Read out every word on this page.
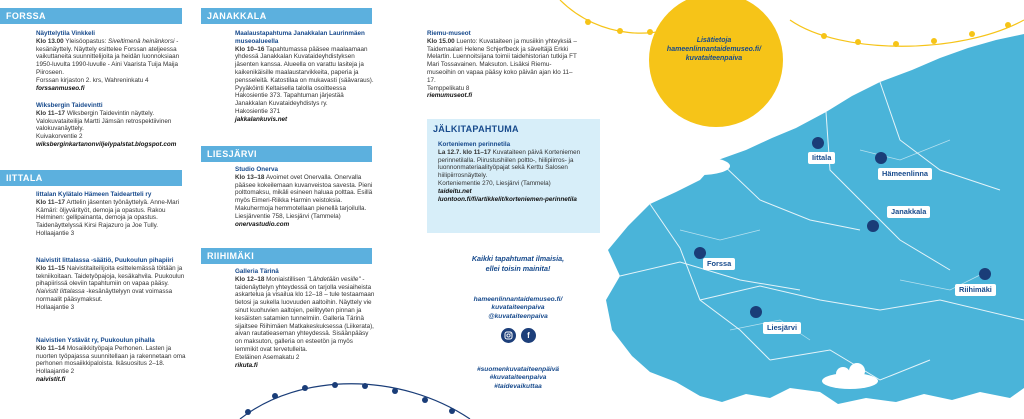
Lisätietoja
hameenlinnantaidemuseo.fi/
kuvataiteenpaiva
Iittala
Hämeenlinna
Janakkala
Forssa
Riihimäki
Liesjärvi
FORSSA
Näyttelytila Vinkkeli
Klo 13.00 Yleisöopastus: Siveltimenä heinänkorsi -kesänäyttely. Näyttely esittelee Forssan ateljeessa vaikuttaneita suunnittelijoita ja heidän luonnoksiaan 1950-luvulta 1990-luvulle - Aini Vaarista Tuija Maija Piiroseen.
Forssan kirjaston 2. krs, Wahreninkatu 4
forssanmuseo.fi
Wiksbergin Taidevintti
Klo 11–17 Wiksbergin Taidevintin näyttely. Valokuvataiteilija Martti Jämsän retrospektiivinen valokuvanäyttely.
Kuivakorventie 2
wiksberginkartanonviljelypalstat.blogspot.com
IITTALA
Iittalan Kylätalo Hämeen Taideartteli ry
Klo 11–17 Arttelin jäsenten työnäyttelyä. Anne-Mari Kämäri: öljyvärityöt, demoja ja opastus. Rakou Helminen: gellipainanta, demoja ja opastus. Taidenäyttelyssä Kirsi Rajazuro ja Joe Tully.
Hollaajantie 3
Naivistit Iittalassa -säätiö, Puukoulun pihapiiri
Klo 11–15 Naivistitaiteilijoita esittelemässä töitään ja tekniikoitaan. Taidetyöpajoja, kesäkahvila. Puukoulun pihapiirissä oleviin tapahtumiin on vapaa pääsy. Naivistit Iittalassa -kesänäyttelyyn ovat voimassa normaalit pääsymaksut.
Hollaajantie 3
Naivistien Ystävät ry, Puukoulun pihalla
Klo 11–14 Mosaiikkityöpaja Perhonen. Lasten ja nuorten työpajassa suunnitellaan ja rakennetaan oma perhonen mosaiikkipaloista. Ikäsuositus 2–18.
Hollaajantie 2
naivistit.fi
JANAKKALA
Maalaustapahtuma Janakkalan Laurinmäen museoalueella
Klo 10–16 Tapahtumassa pääsee maalaamaan yhdessä Janakkalan Kuvataideyhdistyksen jäsenten kanssa. Alueella on varattu lasiteja ja kaikenikäisille maalaustarvikkeita, paperia ja pensseleitä. Katostilaa on mukavasti (säävaraus). Pyyäköinti Keltaisella talolla osoitteessa Hakosientie 373. Tapahtuman järjestää Janakkalan Kuvataideyhdistys ry.
Hakosientie 371
jakkalankuvis.net
LIESJÄRVI
Studio Onerva
Klo 13–18 Avoimet ovet Onervalla. Onervalla pääsee kokeilemaan kuvanveistoa savesta. Pieni polttomaksu, mikäli esineen haluaa polttaa. Esillä myös Eimeri-Riikka Harmin veistoksia. Makuhermoja hemmotellaan pienellä tarjoilulla.
Liesjärventie 758, Liesjärvi (Tammela)
onervastudio.com
RIIHIMÄKI
Galleria Tärinä
Klo 12–18 Moniaistillisen "Lähdetään vesille" -taidenäyttelyn yhteydessä on tarjolla vesiaiheista askartelua ja visailua klo 12–18 – tule testaamaan tietosi ja sukella luovuuden aaltoihin. Näyttely vie sinut kuohuvien aaltojen, peilityyten pinnan ja kesäisten satamien tunnelmiin. Galleria Tärinä sijaitsee Riihimäen Matkakeskuksessa (Liikerata), aivan rautatieaseman yhteydessä. Sisäänpääsy on maksuton, galleria on esteetön ja myös lemmikit ovat tervetulleita.
Eteläinen Asemakatu 2
rikuta.fi
Riemu-museot
Klo 15.00 Luento: Kuvataiteen ja musiikin yhteyksiä – Taidemaalari Helene Schjerfbeck ja säveltäjä Erkki Melartin. Luennoitsijana toimii taidehistorian tutkija FT Mari Tossavainen. Maksuton. Lisäksi Riemu-museoihin on vapaa pääsy koko päivän ajan klo 11–17.
Temppelikatu 8
riemumuseot.fi
JÄLKITAPAHTUMA
Korteniemen perinnetila
La 12.7. klo 11–17 Kuvataiteen päivä Korteniemen perinnetilalla. Piirustushiilen poltto-, hiilipiirros- ja luonnonmateriaalityöpajat sekä Kerttu Salosen hiilipiirrosnäyttely.
Korteniementie 270, Liesjärvi (Tammela)
taideitu.net
luontoon.fi/fi/artikkelit/korteniemen-perinnetila
Kaikki tapahtumat ilmaisia,
ellei toisin mainita!
hameenlinnantaidemuseo.fi/
kuvataiteenpaiva
@kuvataiteenpaiva
f
#suomenkuvataiteenpäivä
#kuvataiteenpaiva
#taidevaikuttaa
